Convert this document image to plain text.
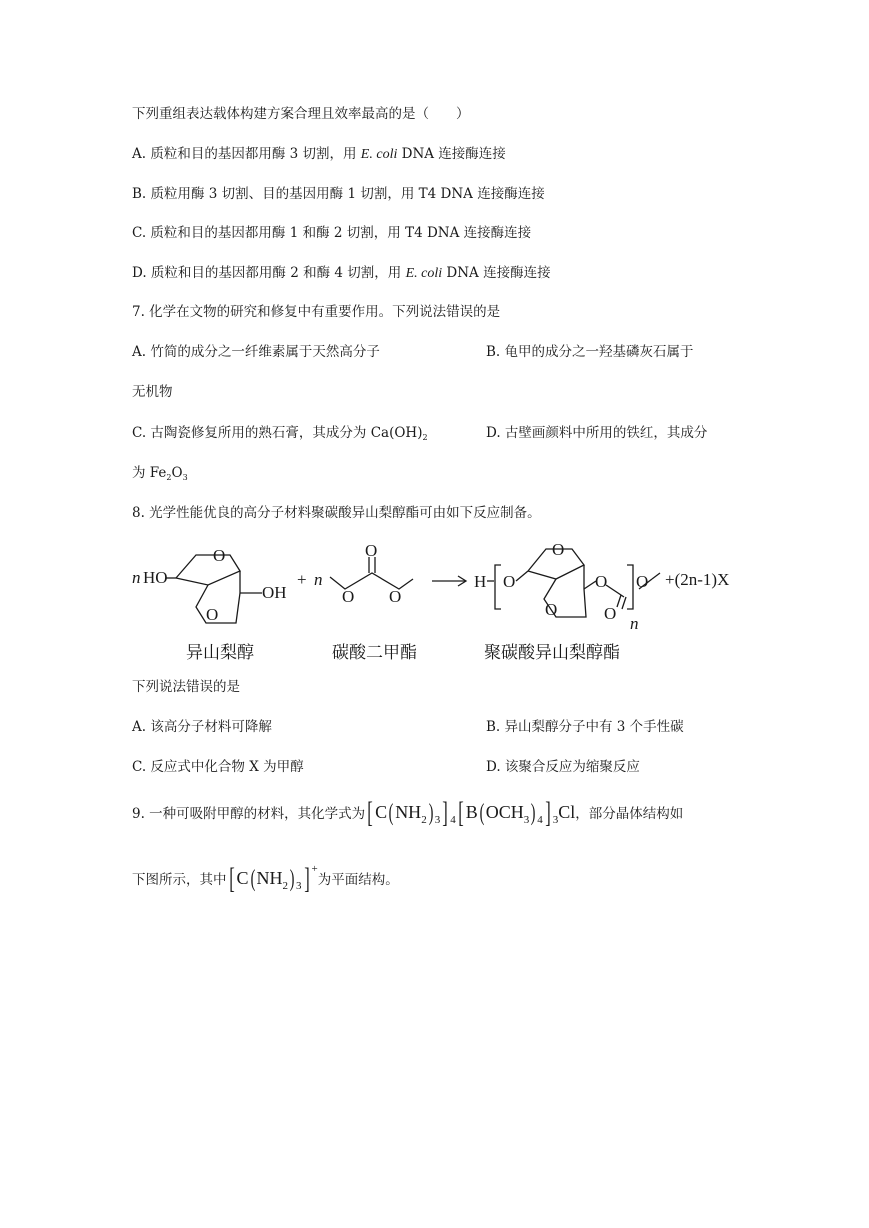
下列重组表达载体构建方案合理且效率最高的是（　　）
A. 质粒和目的基因都用酶 3 切割，用 E. coli DNA 连接酶连接
B. 质粒用酶 3 切割、目的基因用酶 1 切割，用 T4 DNA 连接酶连接
C. 质粒和目的基因都用酶 1 和酶 2 切割，用 T4 DNA 连接酶连接
D. 质粒和目的基因都用酶 2 和酶 4 切割，用 E. coli DNA 连接酶连接
7. 化学在文物的研究和修复中有重要作用。下列说法错误的是
A. 竹简的成分之一纤维素属于天然高分子	B. 龟甲的成分之一羟基磷灰石属于
无机物
C. 古陶瓷修复所用的熟石膏，其成分为 $Ca(OH)_2$	D. 古壁画颜料中所用的铁红，其成分
为 $Fe_2O_3$
8. 光学性能优良的高分子材料聚碳酸异山梨醇酯可由如下反应制备。
n HO
O
O
OH
+ n
O
O
O
H O
O
O
O
O
O
n
+(2n-1)X
异山梨醇	碳酸二甲酯	聚碳酸异山梨醇酯
下列说法错误的是
A. 该高分子材料可降解	B. 异山梨醇分子中有 3 个手性碳
C. 反应式中化合物 X 为甲醇	D. 该聚合反应为缩聚反应
9. 一种可吸附甲醇的材料，其化学式为[ $C(NH_2)$ $_3$] $_4$[ $B(OCH_3)$ $_4$] $_3$Cl，部分晶体结构如
下图所示，其中[ $C(NH_2)$ $_3$] +为平面结构。
